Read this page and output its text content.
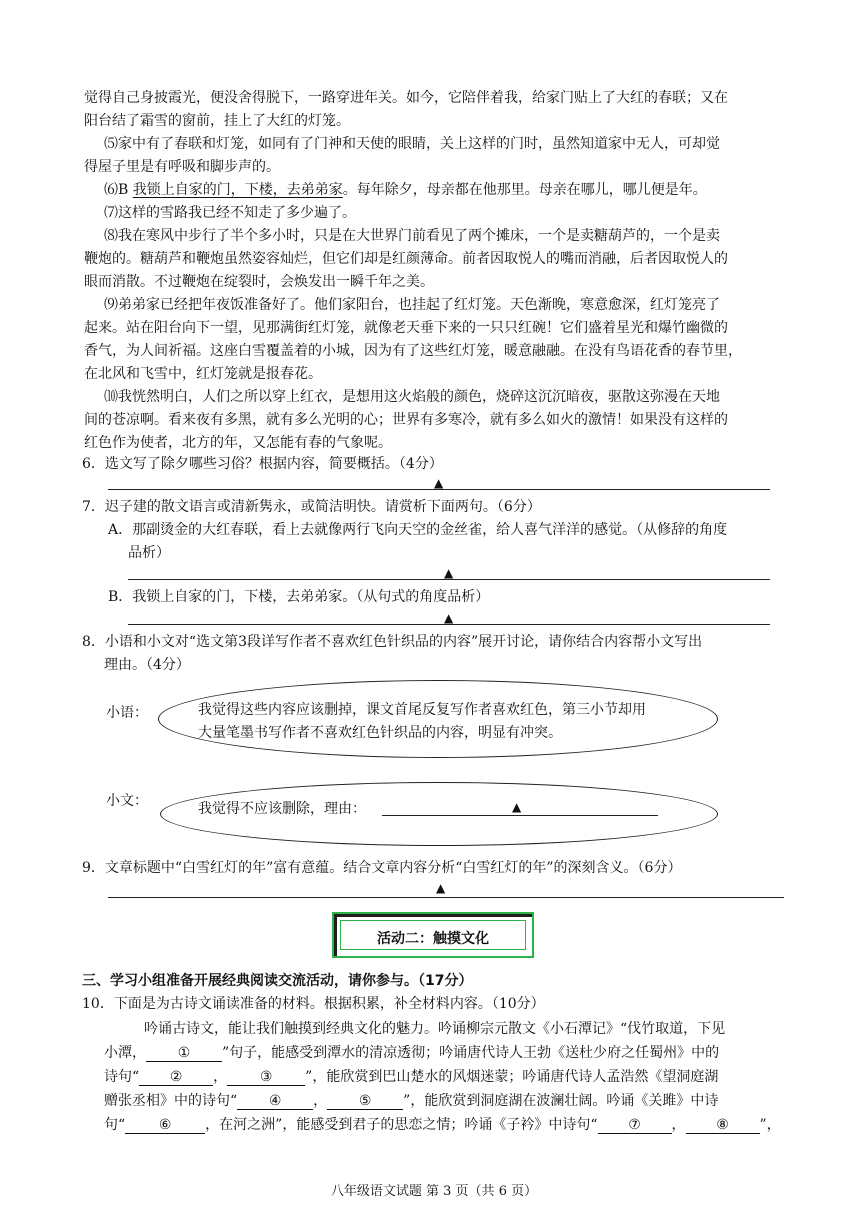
觉得自己身披霞光，便没舍得脱下，一路穿进年关。如今，它陪伴着我，给家门贴上了大红的春联；又在
阳台结了霜雪的窗前，挂上了大红的灯笼。
⑸家中有了春联和灯笼，如同有了门神和天使的眼睛，关上这样的门时，虽然知道家中无人，可却觉
得屋子里是有呼吸和脚步声的。
⑹B 我锁上自家的门，下楼，去弟弟家。每年除夕，母亲都在他那里。母亲在哪儿，哪儿便是年。
⑺这样的雪路我已经不知走了多少遍了。
⑻我在寒风中步行了半个多小时，只是在大世界门前看见了两个摊床，一个是卖糖葫芦的，一个是卖
鞭炮的。糖葫芦和鞭炮虽然姿容灿烂，但它们却是红颜薄命。前者因取悦人的嘴而消融，后者因取悦人的
眼而消散。不过鞭炮在绽裂时，会焕发出一瞬千年之美。
⑼弟弟家已经把年夜饭准备好了。他们家阳台，也挂起了红灯笼。天色渐晚，寒意愈深，红灯笼亮了
起来。站在阳台向下一望，见那满街红灯笼，就像老天垂下来的一只只红碗！它们盛着星光和爆竹幽微的
香气，为人间祈福。这座白雪覆盖着的小城，因为有了这些红灯笼，暖意融融。在没有鸟语花香的春节里，
在北风和飞雪中，红灯笼就是报春花。
⑽我恍然明白，人们之所以穿上红衣，是想用这火焰般的颜色，烧碎这沉沉暗夜，驱散这弥漫在天地
间的苍凉啊。看来夜有多黑，就有多么光明的心；世界有多寒冷，就有多么如火的激情！如果没有这样的
红色作为使者，北方的年，又怎能有春的气象呢。
6．选文写了除夕哪些习俗？根据内容，简要概括。（4分）
▲
7．迟子建的散文语言或清新隽永，或简洁明快。请赏析下面两句。（6分）
A．那副烫金的大红春联，看上去就像两行飞向天空的金丝雀，给人喜气洋洋的感觉。（从修辞的角度
品析）
▲
B．我锁上自家的门，下楼，去弟弟家。（从句式的角度品析）
▲
8．小语和小文对“选文第3段详写作者不喜欢红色针织品的内容”展开讨论，请你结合内容帮小文写出
理由。（4分）
小语：	我觉得这些内容应该删掉，课文首尾反复写作者喜欢红色，第三小节却用
大量笔墨书写作者不喜欢红色针织品的内容，明显有冲突。
小文：	我觉得不应该删除，理由：	▲
9．文章标题中“白雪红灯的年”富有意蕴。结合文章内容分析“白雪红灯的年”的深刻含义。（6分）
▲
活动二：触摸文化
三、学习小组准备开展经典阅读交流活动，请你参与。（17分）
10．下面是为古诗文诵读准备的材料。根据积累，补全材料内容。（10分）
吟诵古诗文，能让我们触摸到经典文化的魅力。吟诵柳宗元散文《小石潭记》“伐竹取道，下见
小潭， ① ”句子，能感受到潭水的清凉透彻；吟诵唐代诗人王勃《送杜少府之任蜀州》中的
诗句“ ② ， ③ ”，能欣赏到巴山楚水的风烟迷蒙；吟诵唐代诗人孟浩然《望洞庭湖
赠张丞相》中的诗句“ ④ ， ⑤ ”，能欣赏到洞庭湖在波澜壮阔。吟诵《关雎》中诗
句“ ⑥ ，在河之洲”，能感受到君子的思恋之情；吟诵《子衿》中诗句“ ⑦ ， ⑧ ”，
八年级语文试题 第 3 页（共 6 页）
